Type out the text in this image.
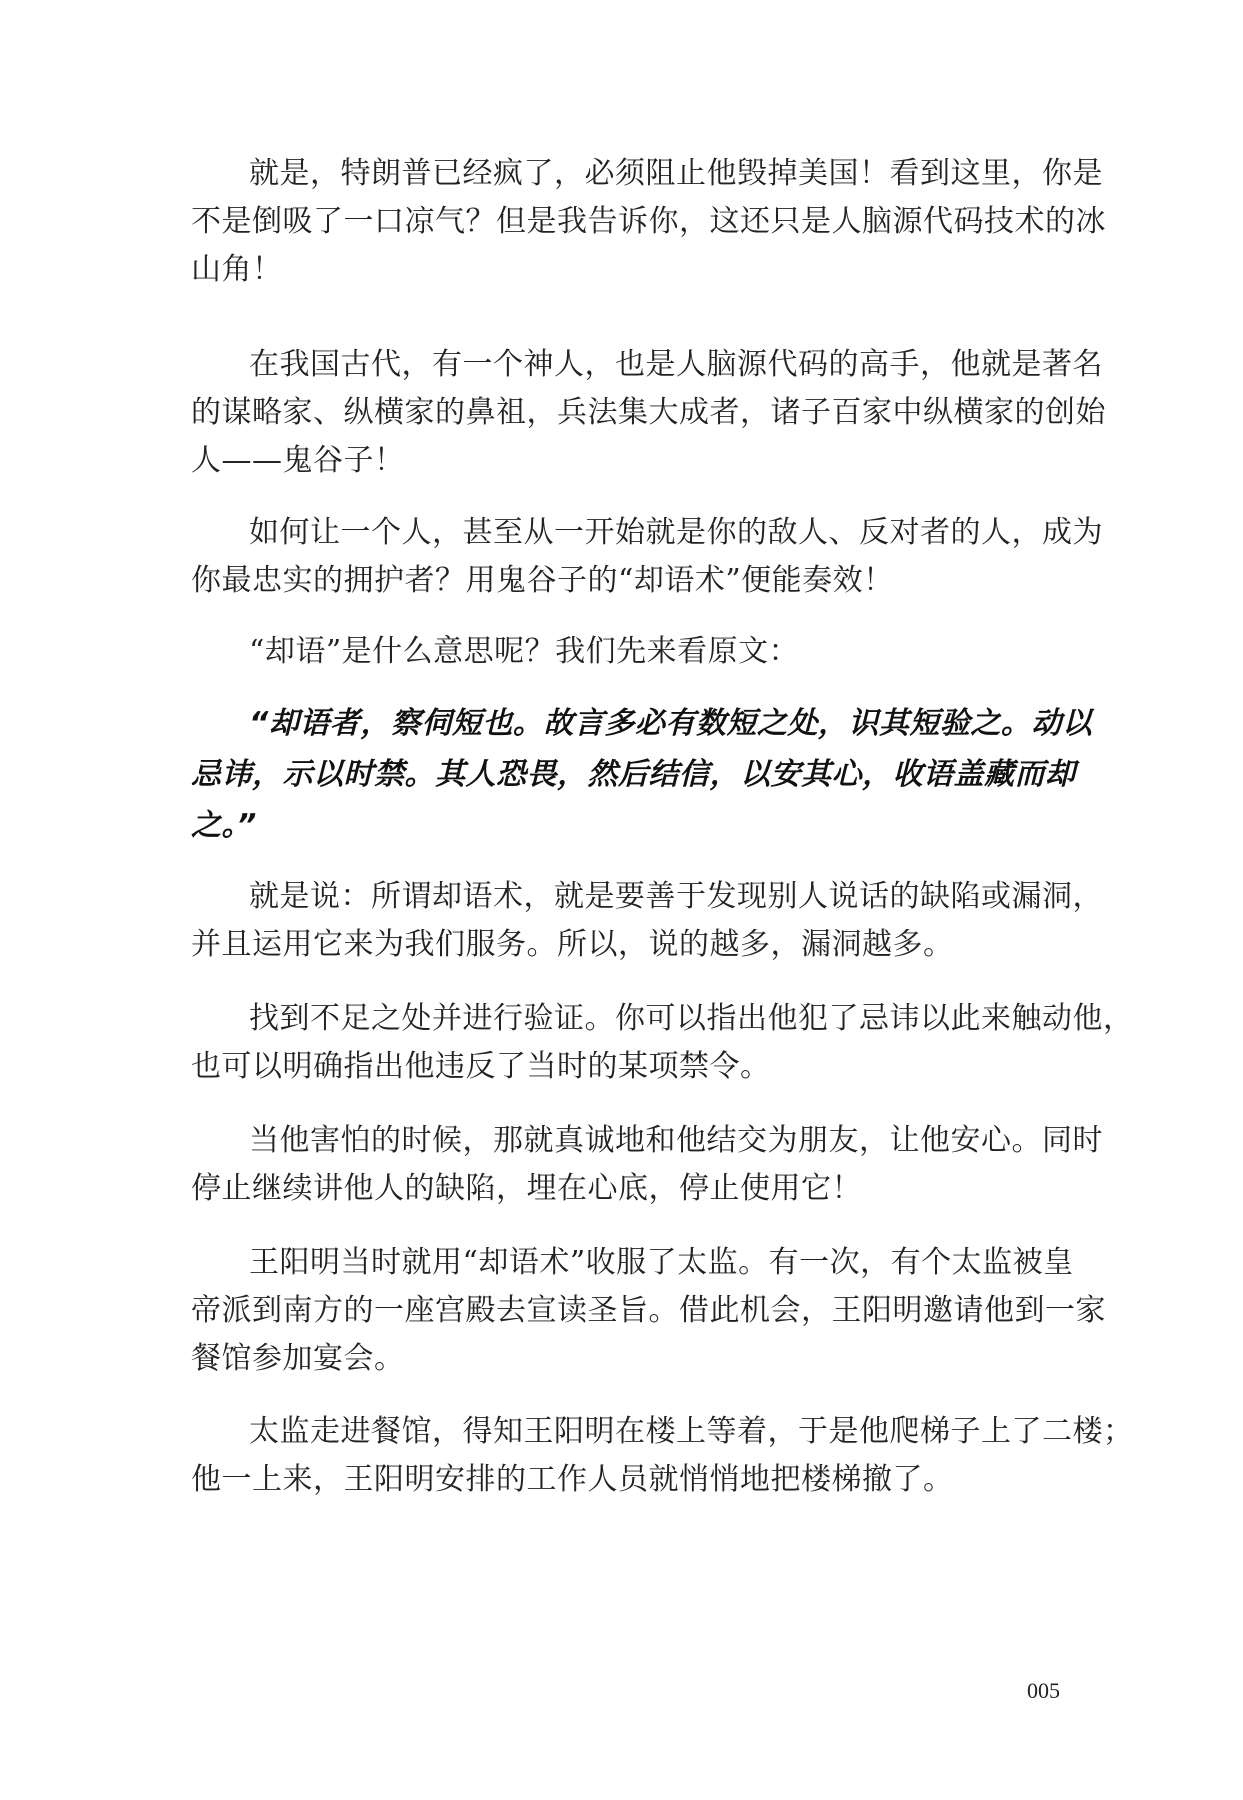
就是，特朗普已经疯了，必须阻止他毁掉美国！看到这里，你是
不是倒吸了一口凉气？但是我告诉你，这还只是人脑源代码技术的冰
山角！
在我国古代，有一个神人，也是人脑源代码的高手，他就是著名
的谋略家、纵横家的鼻祖，兵法集大成者，诸子百家中纵横家的创始
人——鬼谷子！
如何让一个人，甚至从一开始就是你的敌人、反对者的人，成为
你最忠实的拥护者？用鬼谷子的“却语术”便能奏效！
“却语”是什么意思呢？我们先来看原文：
“却语者，察伺短也。故言多必有数短之处，识其短验之。动以
忌讳，示以时禁。其人恐畏，然后结信，以安其心，收语盖藏而却
之。”
就是说：所谓却语术，就是要善于发现别人说话的缺陷或漏洞，
并且运用它来为我们服务。所以，说的越多，漏洞越多。
找到不足之处并进行验证。你可以指出他犯了忌讳以此来触动他，
也可以明确指出他违反了当时的某项禁令。
当他害怕的时候，那就真诚地和他结交为朋友，让他安心。同时
停止继续讲他人的缺陷，埋在心底，停止使用它！
王阳明当时就用“却语术”收服了太监。有一次，有个太监被皇
帝派到南方的一座宫殿去宣读圣旨。借此机会，王阳明邀请他到一家
餐馆参加宴会。
太监走进餐馆，得知王阳明在楼上等着，于是他爬梯子上了二楼；
他一上来，王阳明安排的工作人员就悄悄地把楼梯撤了。
005
